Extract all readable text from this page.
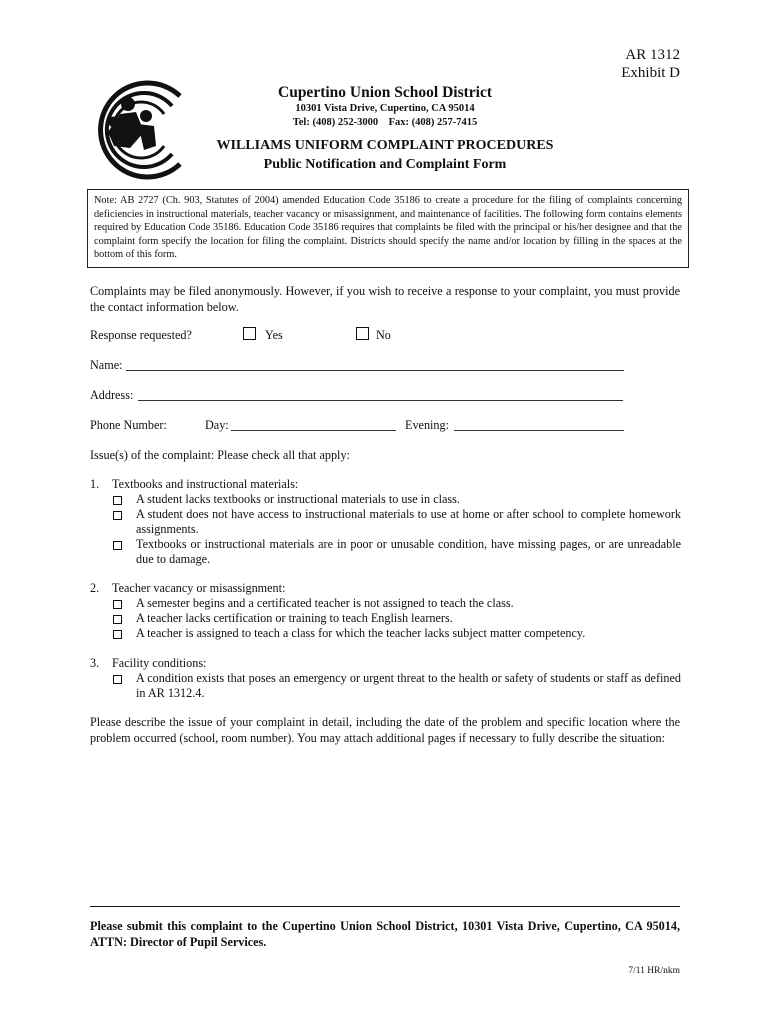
AR 1312
Exhibit D
Cupertino Union School District
10301 Vista Drive, Cupertino, CA 95014
Tel: (408) 252-3000    Fax: (408) 257-7415
WILLIAMS UNIFORM COMPLAINT PROCEDURES
Public Notification and Complaint Form
Note: AB 2727 (Ch. 903, Statutes of 2004) amended Education Code 35186 to create a procedure for the filing of complaints concerning deficiencies in instructional materials, teacher vacancy or misassignment, and maintenance of facilities. The following form contains elements required by Education Code 35186. Education Code 35186 requires that complaints be filed with the principal or his/her designee and that the complaint form specify the location for filing the complaint. Districts should specify the name and/or location by filling in the spaces at the bottom of this form.
Complaints may be filed anonymously. However, if you wish to receive a response to your complaint, you must provide the contact information below.
Response requested?	Yes	No
Name:
Address:
Phone Number:	Day:	Evening:
Issue(s) of the complaint: Please check all that apply:
1. Textbooks and instructional materials:
A student lacks textbooks or instructional materials to use in class.
A student does not have access to instructional materials to use at home or after school to complete homework assignments.
Textbooks or instructional materials are in poor or unusable condition, have missing pages, or are unreadable due to damage.
2. Teacher vacancy or misassignment:
A semester begins and a certificated teacher is not assigned to teach the class.
A teacher lacks certification or training to teach English learners.
A teacher is assigned to teach a class for which the teacher lacks subject matter competency.
3. Facility conditions:
A condition exists that poses an emergency or urgent threat to the health or safety of students or staff as defined in AR 1312.4.
Please describe the issue of your complaint in detail, including the date of the problem and specific location where the problem occurred (school, room number). You may attach additional pages if necessary to fully describe the situation:
Please submit this complaint to the Cupertino Union School District, 10301 Vista Drive, Cupertino, CA 95014, ATTN: Director of Pupil Services.
7/11 HR/nkm
